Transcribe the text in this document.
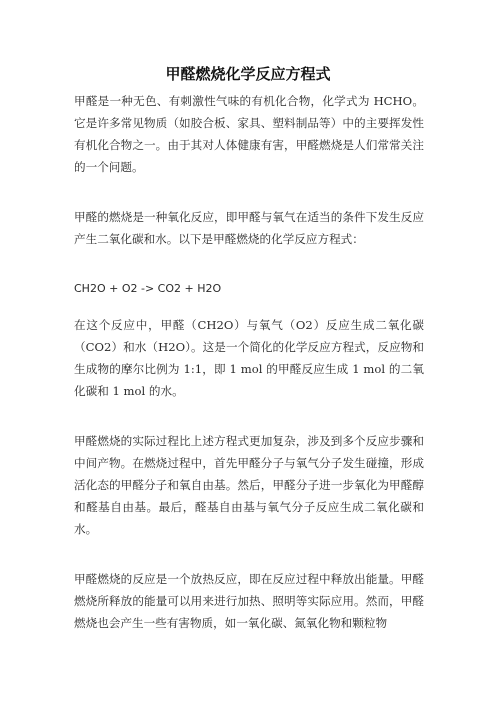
甲醛燃烧化学反应方程式

甲醛是一种无色、有刺激性气味的有机化合物，化学式为 HCHO。它是许多常见物质（如胶合板、家具、塑料制品等）中的主要挥发性有机化合物之一。由于其对人体健康有害，甲醛燃烧是人们常常关注的一个问题。

甲醛的燃烧是一种氧化反应，即甲醛与氧气在适当的条件下发生反应产生二氧化碳和水。以下是甲醛燃烧的化学反应方程式：

CH2O + O2 -> CO2 + H2O

在这个反应中，甲醛（CH2O）与氧气（O2）反应生成二氧化碳（CO2）和水（H2O）。这是一个简化的化学反应方程式，反应物和生成物的摩尔比例为 1:1，即 1 mol 的甲醛反应生成 1 mol 的二氧化碳和 1 mol 的水。

甲醛燃烧的实际过程比上述方程式更加复杂，涉及到多个反应步骤和中间产物。在燃烧过程中，首先甲醛分子与氧气分子发生碰撞，形成活化态的甲醛分子和氧自由基。然后，甲醛分子进一步氧化为甲醛醇和醛基自由基。最后，醛基自由基与氧气分子反应生成二氧化碳和水。

甲醛燃烧的反应是一个放热反应，即在反应过程中释放出能量。甲醛燃烧所释放的能量可以用来进行加热、照明等实际应用。然而，甲醛燃烧也会产生一些有害物质，如一氧化碳、氮氧化物和颗粒物
